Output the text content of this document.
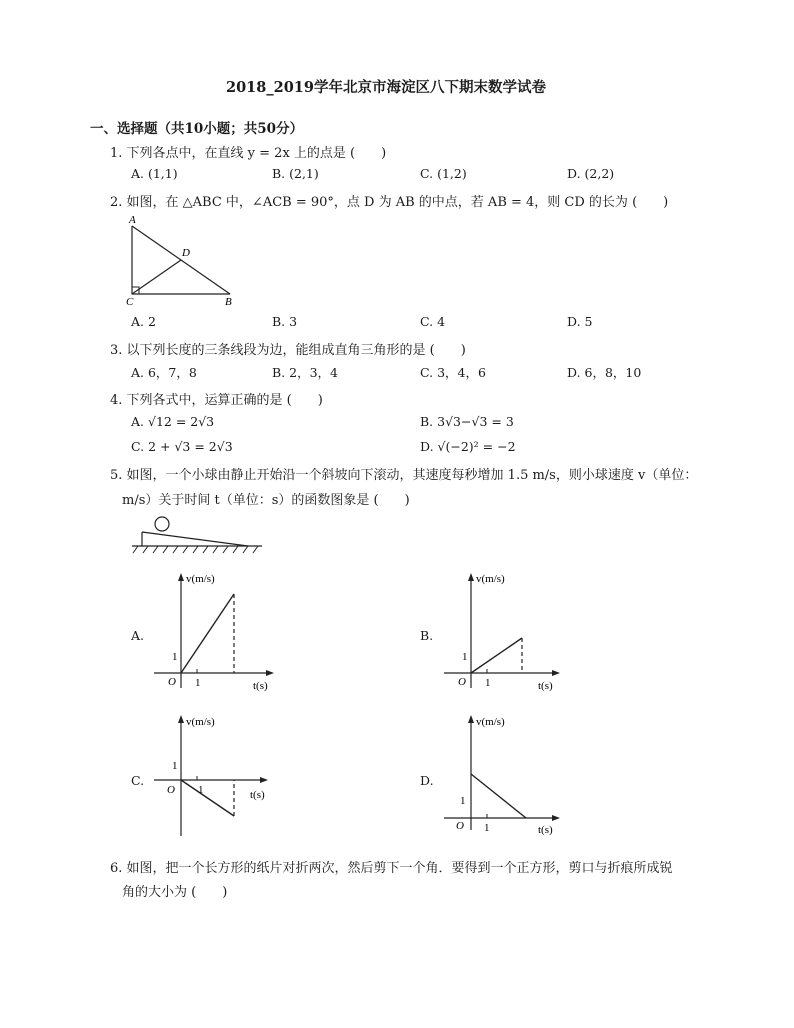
2018_2019学年北京市海淀区八下期末数学试卷
一、选择题（共10小题；共50分）
1. 下列各点中，在直线 y = 2x 上的点是 (　　)
A. (1,1)	B. (2,1)	C. (1,2)	D. (2,2)
2. 如图，在 △ABC 中，∠ACB = 90°，点 D 为 AB 的中点，若 AB = 4，则 CD 的长为 (　　)
A
D
C	B
A. 2	B. 3	C. 4	D. 5
3. 以下列长度的三条线段为边，能组成直角三角形的是 (　　)
A. 6，7，8	B. 2，3，4	C. 3，4，6	D. 6，8，10
4. 下列各式中，运算正确的是 (　　)
A. √12 = 2√3	B. 3√3−√3 = 3
C. 2 + √3 = 2√3	D. √(−2)² = −2
5. 如图，一个小球由静止开始沿一个斜坡向下滚动，其速度每秒增加 1.5 m/s，则小球速度 v（单位：
m/s）关于时间 t（单位：s）的函数图象是 (　　)
A.
v(m/s)
t(s)
O
1
1
B.
v(m/s)
t(s)
O
1
1
C.
v(m/s)
t(s)
O
1
1
D.
v(m/s)
t(s)
O
1
1
6. 如图，把一个长方形的纸片对折两次，然后剪下一个角．要得到一个正方形，剪口与折痕所成锐
角的大小为 (　　)
